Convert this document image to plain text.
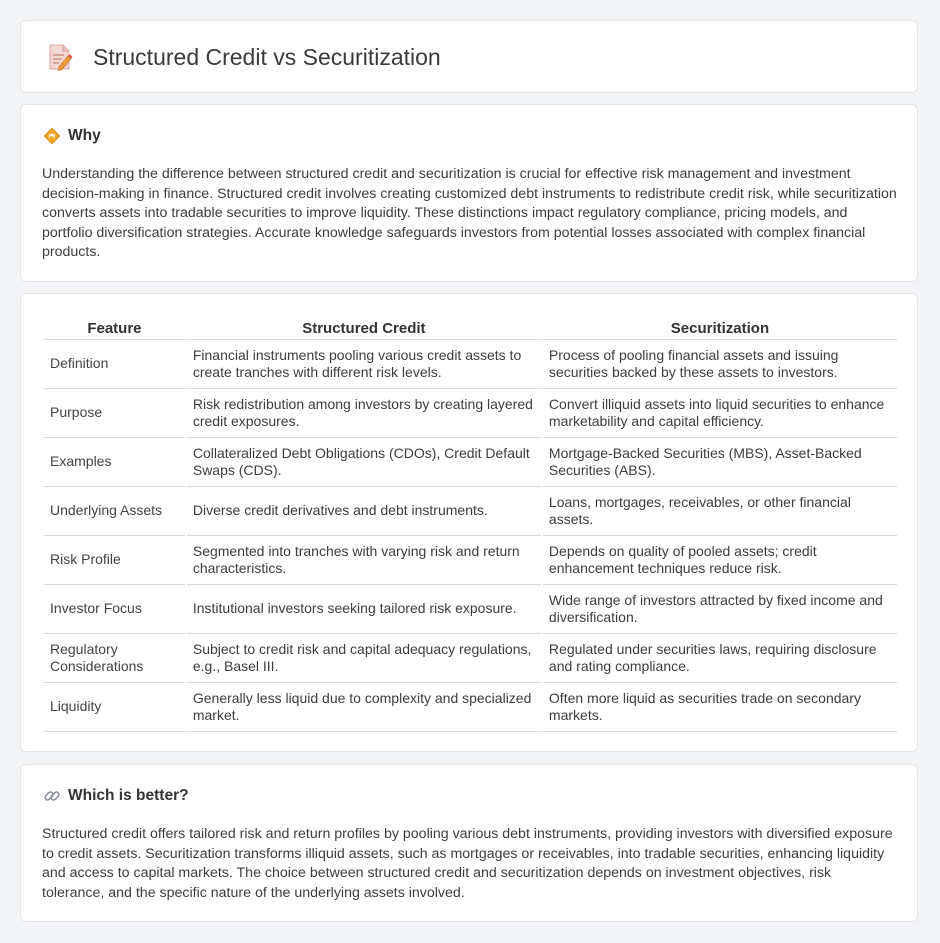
Structured Credit vs Securitization
Why

Understanding the difference between structured credit and securitization is crucial for effective risk management and investment decision-making in finance. Structured credit involves creating customized debt instruments to redistribute credit risk, while securitization converts assets into tradable securities to improve liquidity. These distinctions impact regulatory compliance, pricing models, and portfolio diversification strategies. Accurate knowledge safeguards investors from potential losses associated with complex financial products.

Feature	Structured Credit	Securitization
Definition	Financial instruments pooling various credit assets to create tranches with different risk levels.	Process of pooling financial assets and issuing securities backed by these assets to investors.
Purpose	Risk redistribution among investors by creating layered credit exposures.	Convert illiquid assets into liquid securities to enhance marketability and capital efficiency.
Examples	Collateralized Debt Obligations (CDOs), Credit Default Swaps (CDS).	Mortgage-Backed Securities (MBS), Asset-Backed Securities (ABS).
Underlying Assets	Diverse credit derivatives and debt instruments.	Loans, mortgages, receivables, or other financial assets.
Risk Profile	Segmented into tranches with varying risk and return characteristics.	Depends on quality of pooled assets; credit enhancement techniques reduce risk.
Investor Focus	Institutional investors seeking tailored risk exposure.	Wide range of investors attracted by fixed income and diversification.
Regulatory Considerations	Subject to credit risk and capital adequacy regulations, e.g., Basel III.	Regulated under securities laws, requiring disclosure and rating compliance.
Liquidity	Generally less liquid due to complexity and specialized market.	Often more liquid as securities trade on secondary markets.
Which is better?

Structured credit offers tailored risk and return profiles by pooling various debt instruments, providing investors with diversified exposure to credit assets. Securitization transforms illiquid assets, such as mortgages or receivables, into tradable securities, enhancing liquidity and access to capital markets. The choice between structured credit and securitization depends on investment objectives, risk tolerance, and the specific nature of the underlying assets involved.
